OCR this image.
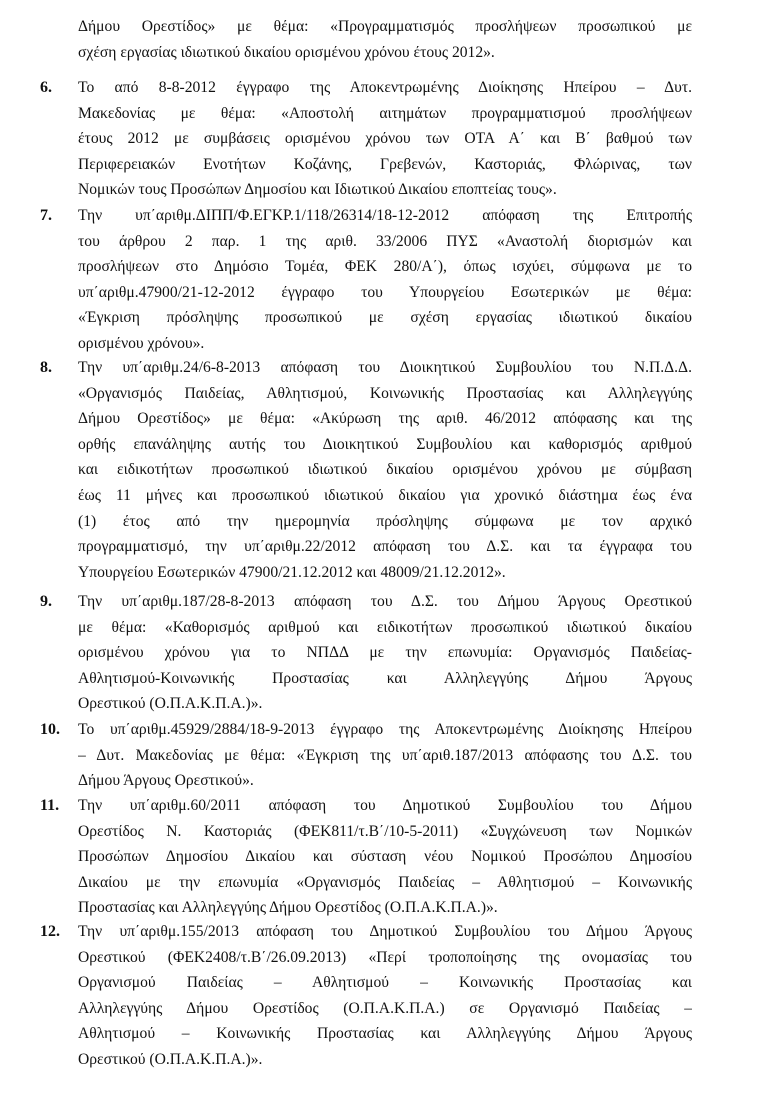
Δήμου Ορεστίδος» με θέμα: «Προγραμματισμός προσλήψεων προσωπικού με
σχέση εργασίας ιδιωτικού δικαίου ορισμένου χρόνου έτους 2012».
6.	Το από 8-8-2012 έγγραφο της Αποκεντρωμένης Διοίκησης Ηπείρου – Δυτ.
Μακεδονίας με θέμα: «Αποστολή αιτημάτων προγραμματισμού προσλήψεων
έτους 2012 με συμβάσεις ορισμένου χρόνου των ΟΤΑ Α΄ και Β΄ βαθμού των
Περιφερειακών Ενοτήτων Κοζάνης, Γρεβενών, Καστοριάς, Φλώρινας, των
Νομικών τους Προσώπων Δημοσίου και Ιδιωτικού Δικαίου εποπτείας τους».
7.	Την υπ΄αριθμ.ΔΙΠΠ/Φ.ΕΓΚΡ.1/118/26314/18-12-2012 απόφαση της Επιτροπής
του άρθρου 2 παρ. 1 της αριθ. 33/2006 ΠΥΣ «Αναστολή διορισμών και
προσλήψεων στο Δημόσιο Τομέα, ΦΕΚ 280/Α΄), όπως ισχύει, σύμφωνα με το
υπ΄αριθμ.47900/21-12-2012 έγγραφο του Υπουργείου Εσωτερικών με θέμα:
«Έγκριση πρόσληψης προσωπικού με σχέση εργασίας ιδιωτικού δικαίου
ορισμένου χρόνου».
8.	Την υπ΄αριθμ.24/6-8-2013 απόφαση του Διοικητικού Συμβουλίου του Ν.Π.Δ.Δ.
«Οργανισμός Παιδείας, Αθλητισμού, Κοινωνικής Προστασίας και Αλληλεγγύης
Δήμου Ορεστίδος» με θέμα: «Ακύρωση της αριθ. 46/2012 απόφασης και της
ορθής επανάληψης αυτής του Διοικητικού Συμβουλίου και καθορισμός αριθμού
και ειδικοτήτων προσωπικού ιδιωτικού δικαίου ορισμένου χρόνου με σύμβαση
έως 11 μήνες και προσωπικού ιδιωτικού δικαίου για χρονικό διάστημα έως ένα
(1) έτος από την ημερομηνία πρόσληψης σύμφωνα με τον αρχικό
προγραμματισμό, την υπ΄αριθμ.22/2012 απόφαση του Δ.Σ. και τα έγγραφα του
Υπουργείου Εσωτερικών 47900/21.12.2012 και 48009/21.12.2012».
9.	Την υπ΄αριθμ.187/28-8-2013 απόφαση του Δ.Σ. του Δήμου Άργους Ορεστικού
με θέμα: «Καθορισμός αριθμού και ειδικοτήτων προσωπικού ιδιωτικού δικαίου
ορισμένου χρόνου για το ΝΠΔΔ με την επωνυμία: Οργανισμός Παιδείας-
Αθλητισμού-Κοινωνικής Προστασίας και Αλληλεγγύης Δήμου Άργους
Ορεστικού (Ο.Π.Α.Κ.Π.Α.)».
10.	Το υπ΄αριθμ.45929/2884/18-9-2013 έγγραφο της Αποκεντρωμένης Διοίκησης Ηπείρου
– Δυτ. Μακεδονίας με θέμα: «Έγκριση της υπ΄αριθ.187/2013 απόφασης του Δ.Σ. του
Δήμου Άργους Ορεστικού».
11.	Την υπ΄αριθμ.60/2011 απόφαση του Δημοτικού Συμβουλίου του Δήμου
Ορεστίδος Ν. Καστοριάς (ΦΕΚ811/τ.Β΄/10-5-2011) «Συγχώνευση των Νομικών
Προσώπων Δημοσίου Δικαίου και σύσταση νέου Νομικού Προσώπου Δημοσίου
Δικαίου με την επωνυμία «Οργανισμός Παιδείας – Αθλητισμού – Κοινωνικής
Προστασίας και Αλληλεγγύης Δήμου Ορεστίδος (Ο.Π.Α.Κ.Π.Α.)».
12.	Την υπ΄αριθμ.155/2013 απόφαση του Δημοτικού Συμβουλίου του Δήμου Άργους
Ορεστικού (ΦΕΚ2408/τ.Β΄/26.09.2013) «Περί τροποποίησης της ονομασίας του
Οργανισμού Παιδείας – Αθλητισμού – Κοινωνικής Προστασίας και
Αλληλεγγύης Δήμου Ορεστίδος (Ο.Π.Α.Κ.Π.Α.) σε Οργανισμό Παιδείας –
Αθλητισμού – Κοινωνικής Προστασίας και Αλληλεγγύης Δήμου Άργους
Ορεστικού (Ο.Π.Α.Κ.Π.Α.)».
